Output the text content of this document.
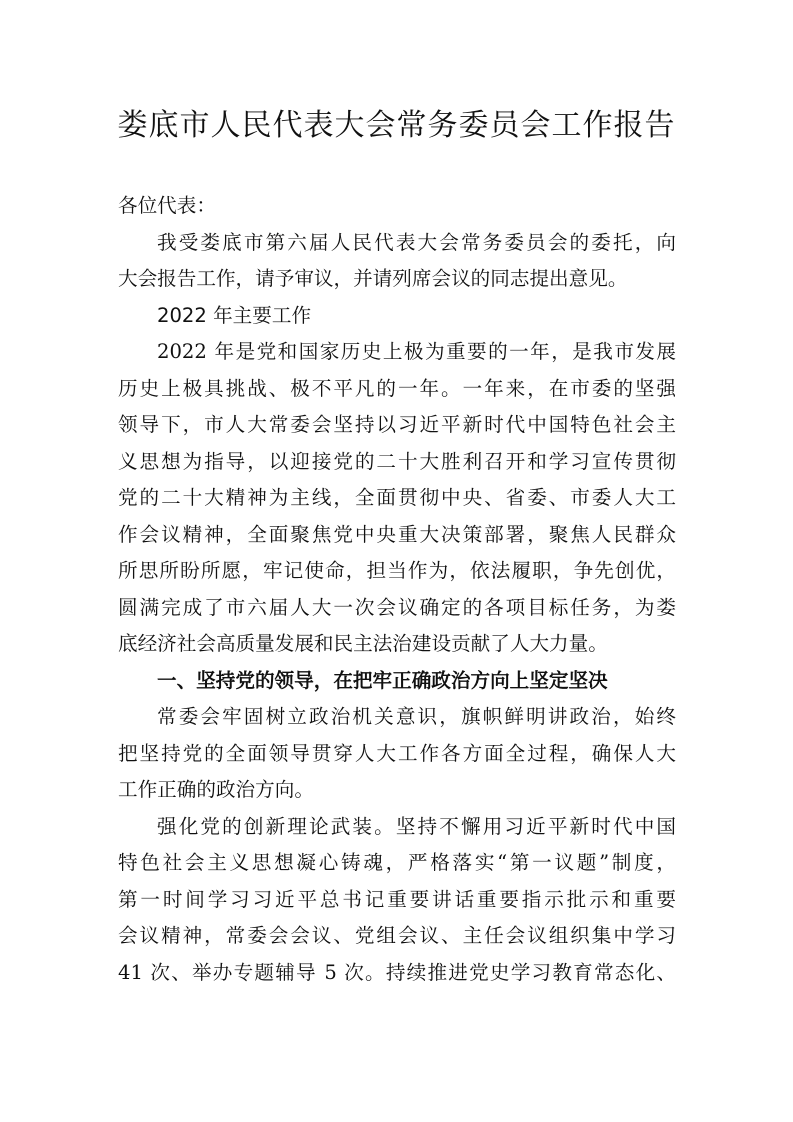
娄底市人民代表大会常务委员会工作报告
各位代表：
我受娄底市第六届人民代表大会常务委员会的委托，向
大会报告工作，请予审议，并请列席会议的同志提出意见。
2022 年主要工作
2022 年是党和国家历史上极为重要的一年，是我市发展
历史上极具挑战、极不平凡的一年。一年来，在市委的坚强
领导下，市人大常委会坚持以习近平新时代中国特色社会主
义思想为指导，以迎接党的二十大胜利召开和学习宣传贯彻
党的二十大精神为主线，全面贯彻中央、省委、市委人大工
作会议精神，全面聚焦党中央重大决策部署，聚焦人民群众
所思所盼所愿，牢记使命，担当作为，依法履职，争先创优，
圆满完成了市六届人大一次会议确定的各项目标任务，为娄
底经济社会高质量发展和民主法治建设贡献了人大力量。
一、坚持党的领导，在把牢正确政治方向上坚定坚决
常委会牢固树立政治机关意识，旗帜鲜明讲政治，始终
把坚持党的全面领导贯穿人大工作各方面全过程，确保人大
工作正确的政治方向。
强化党的创新理论武装。坚持不懈用习近平新时代中国
特色社会主义思想凝心铸魂，严格落实“第一议题”制度，
第一时间学习习近平总书记重要讲话重要指示批示和重要
会议精神，常委会会议、党组会议、主任会议组织集中学习
41 次、举办专题辅导 5 次。持续推进党史学习教育常态化、
